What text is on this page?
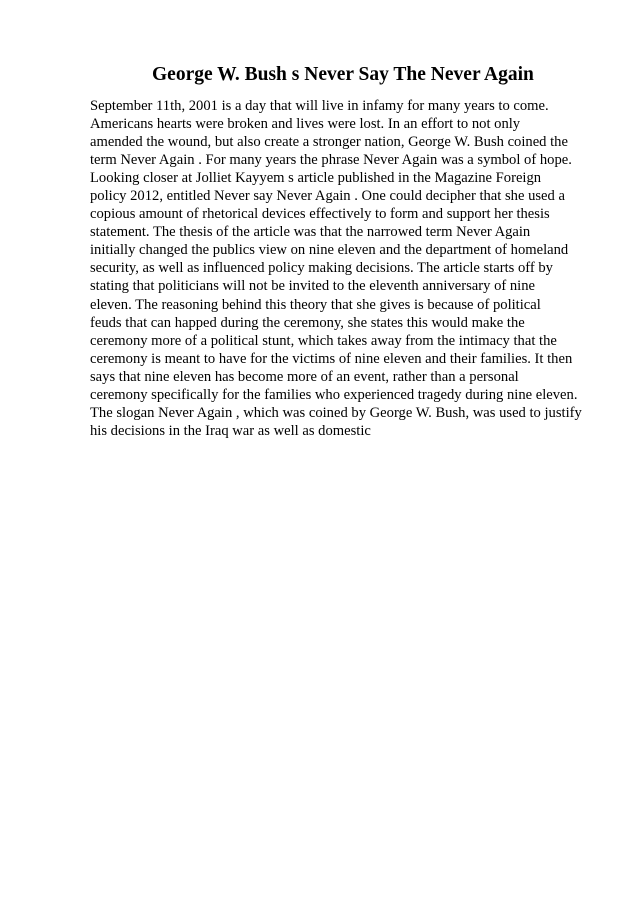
George W. Bush s Never Say The Never Again
September 11th, 2001 is a day that will live in infamy for many years to come.
Americans hearts were broken and lives were lost. In an effort to not only
amended the wound, but also create a stronger nation, George W. Bush coined the
term Never Again . For many years the phrase Never Again was a symbol of hope.
Looking closer at Jolliet Kayyem s article published in the Magazine Foreign
policy 2012, entitled Never say Never Again . One could decipher that she used a
copious amount of rhetorical devices effectively to form and support her thesis
statement. The thesis of the article was that the narrowed term Never Again
initially changed the publics view on nine eleven and the department of homeland
security, as well as influenced policy making decisions. The article starts off by
stating that politicians will not be invited to the eleventh anniversary of nine
eleven. The reasoning behind this theory that she gives is because of political
feuds that can happed during the ceremony, she states this would make the
ceremony more of a political stunt, which takes away from the intimacy that the
ceremony is meant to have for the victims of nine eleven and their families. It then
says that nine eleven has become more of an event, rather than a personal
ceremony specifically for the families who experienced tragedy during nine eleven.
The slogan Never Again , which was coined by George W. Bush, was used to justify
his decisions in the Iraq war as well as domestic
